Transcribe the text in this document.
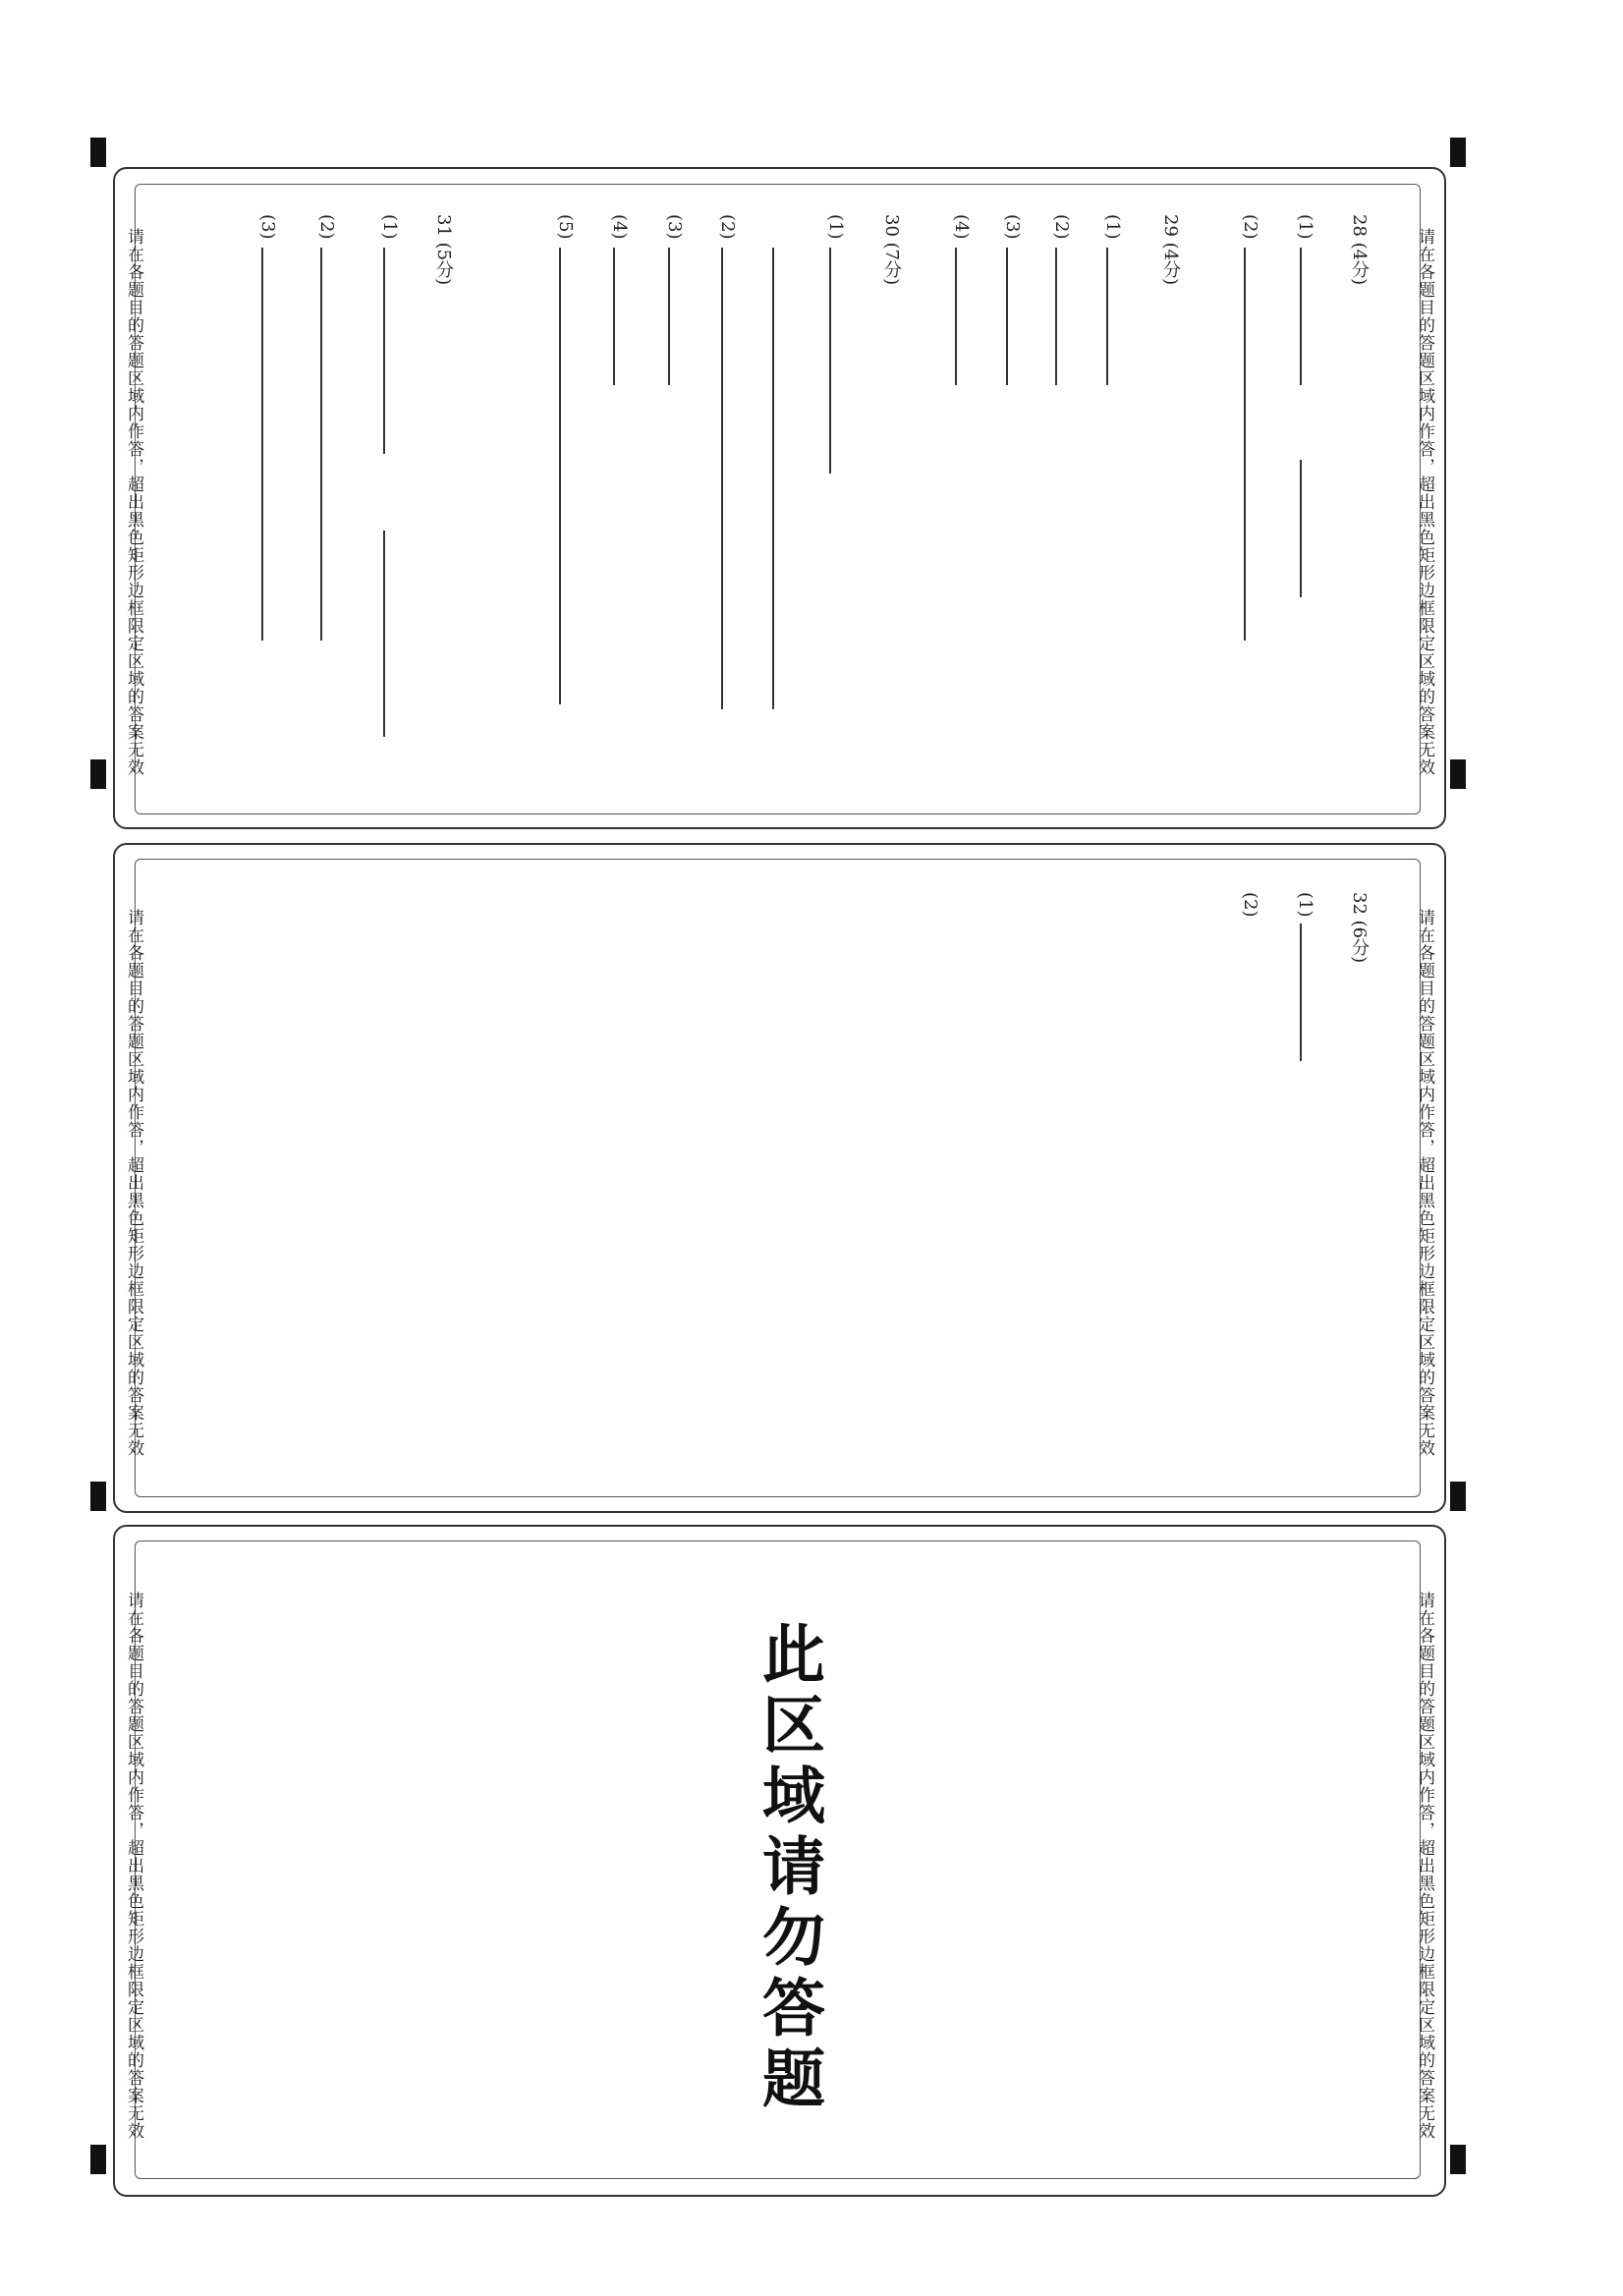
请在各题目的答题区域内作答，超出黑色矩形边框限定区域的答案无效
请在各题目的答题区域内作答，超出黑色矩形边框限定区域的答案无效	28 (4分)
(1)
(2)
29 (4分)
(1)
(2)
(3)
(4)
30 (7分)
(1)
(2)
(3)
(4)
(5)
31 (5分)
(1)
(2)
(3)
请在各题目的答题区域内作答，超出黑色矩形边框限定区域的答案无效
请在各题目的答题区域内作答，超出黑色矩形边框限定区域的答案无效	32 (6分)
(1)
(2)
请在各题目的答题区域内作答，超出黑色矩形边框限定区域的答案无效
请在各题目的答题区域内作答，超出黑色矩形边框限定区域的答案无效	此区域请勿答题
